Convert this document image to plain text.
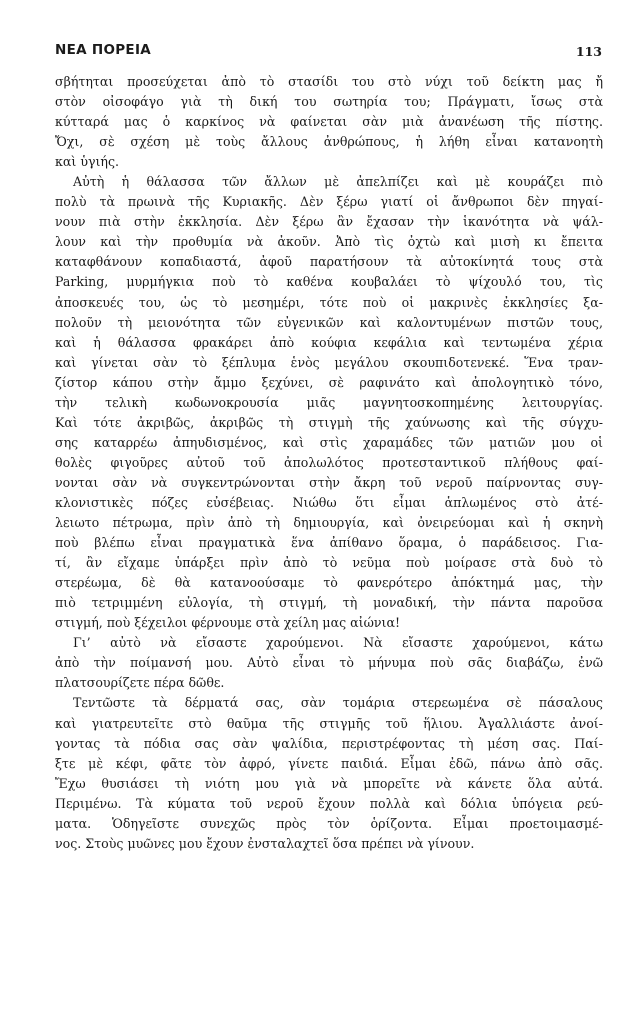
ΝΕΑ ΠΟΡΕΙΑ	113
σβήτηται προσεύχεται ἀπὸ τὸ στασίδι του στὸ νύχι τοῦ δείκτη μας ἤ
στὸν οἰσοφάγο γιὰ τὴ δική του σωτηρία του; Πράγματι, ἴσως στὰ
κύτταρά μας ὁ καρκίνος νὰ φαίνεται σὰν μιὰ ἀνανέωση τῆς πίστης.
Ὄχι, σὲ σχέση μὲ τοὺς ἄλλους ἀνθρώπους, ἡ λήθη εἶναι κατανοητὴ
καὶ ὑγιής.
Αὐτὴ ἡ θάλασσα τῶν ἄλλων μὲ ἀπελπίζει καὶ μὲ κουράζει πιὸ
πολὺ τὰ πρωινὰ τῆς Κυριακῆς. Δὲν ξέρω γιατί οἱ ἄνθρωποι δὲν πηγαί-
νουν πιὰ στὴν ἐκκλησία. Δὲν ξέρω ἂν ἔχασαν τὴν ἱκανότητα νὰ ψάλ-
λουν καὶ τὴν προθυμία νὰ ἀκοῦν. Ἀπὸ τὶς ὀχτὼ καὶ μισὴ κι ἔπειτα
καταφθάνουν κοπαδιαστά, ἀφοῦ παρατήσουν τὰ αὐτοκίνητά τους στὰ
Parking, μυρμήγκια ποὺ τὸ καθένα κουβαλάει τὸ ψίχουλό του, τὶς
ἀποσκευές του, ὡς τὸ μεσημέρι, τότε ποὺ οἱ μακρινὲς ἐκκλησίες ξα-
πολοῦν τὴ μειονότητα τῶν εὐγενικῶν καὶ καλοντυμένων πιστῶν τους,
καὶ ἡ θάλασσα φρακάρει ἀπὸ κούφια κεφάλια καὶ τεντωμένα χέρια
καὶ γίνεται σὰν τὸ ξέπλυμα ἑνὸς μεγάλου σκουπιδοτενεκέ. Ἕνα τραν-
ζίστορ κάπου στὴν ἄμμο ξεχύνει, σὲ ραφινάτο καὶ ἀπολογητικὸ τόνο,
τὴν τελικὴ κωδωνοκρουσία μιᾶς μαγνητοσκοπημένης λειτουργίας.
Καὶ τότε ἀκριβῶς, ἀκριβῶς τὴ στιγμὴ τῆς χαύνωσης καὶ τῆς σύγχυ-
σης καταρρέω ἀπηυδισμένος, καὶ στὶς χαραμάδες τῶν ματιῶν μου οἱ
θολὲς φιγοῦρες αὐτοῦ τοῦ ἀπολωλότος προτεσταντικοῦ πλήθους φαί-
νονται σὰν νὰ συγκεντρώνονται στὴν ἄκρη τοῦ νεροῦ παίρνοντας συγ-
κλονιστικὲς πόζες εὐσέβειας. Νιώθω ὅτι εἶμαι ἁπλωμένος στὸ ἀτέ-
λειωτο πέτρωμα, πρὶν ἀπὸ τὴ δημιουργία, καὶ ὀνειρεύομαι καὶ ἡ σκηνὴ
ποὺ βλέπω εἶναι πραγματικὰ ἕνα ἀπίθανο ὅραμα, ὁ παράδεισος. Για-
τί, ἂν εἴχαμε ὑπάρξει πρὶν ἀπὸ τὸ νεῦμα ποὺ μοίρασε στὰ δυὸ τὸ
στερέωμα, δὲ θὰ κατανοούσαμε τὸ φανερότερο ἀπόκτημά μας, τὴν
πιὸ τετριμμένη εὐλογία, τὴ στιγμή, τὴ μοναδική, τὴν πάντα παροῦσα
στιγμή, ποὺ ξέχειλοι φέρνουμε στὰ χείλη μας αἰώνια!
Γι’ αὐτὸ νὰ εἴσαστε χαρούμενοι. Νὰ εἴσαστε χαρούμενοι, κάτω
ἀπὸ τὴν ποίμανσή μου. Αὐτὸ εἶναι τὸ μήνυμα ποὺ σᾶς διαβάζω, ἐνῶ
πλατσουρίζετε πέρα δῶθε.
Τεντῶστε τὰ δέρματά σας, σὰν τομάρια στερεωμένα σὲ πάσαλους
καὶ γιατρευτεῖτε στὸ θαῦμα τῆς στιγμῆς τοῦ ἥλιου. Ἀγαλλιάστε ἀνοί-
γοντας τὰ πόδια σας σὰν ψαλίδια, περιστρέφοντας τὴ μέση σας. Παί-
ξτε μὲ κέφι, φᾶτε τὸν ἀφρό, γίνετε παιδιά. Εἶμαι ἐδῶ, πάνω ἀπὸ σᾶς.
Ἔχω θυσιάσει τὴ νιότη μου γιὰ νὰ μπορεῖτε νὰ κάνετε ὅλα αὐτά.
Περιμένω. Τὰ κύματα τοῦ νεροῦ ἔχουν πολλὰ καὶ δόλια ὑπόγεια ρεύ-
ματα. Ὁδηγεῖστε συνεχῶς πρὸς τὸν ὁρίζοντα. Εἶμαι προετοιμασμέ-
νος. Στοὺς μυῶνες μου ἔχουν ἐνσταλαχτεῖ ὅσα πρέπει νὰ γίνουν.
